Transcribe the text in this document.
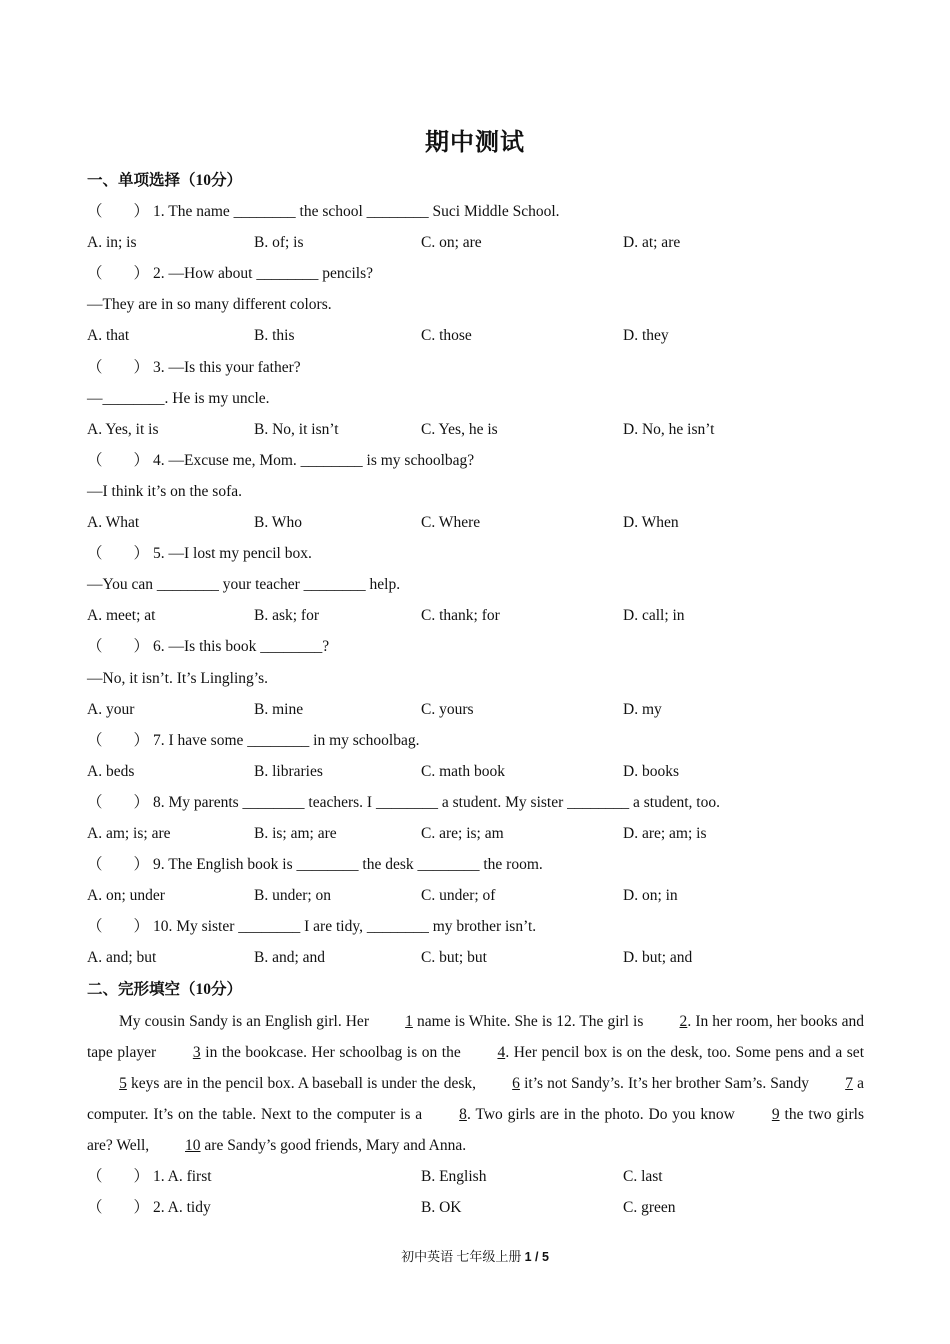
期中测试
一、单项选择（10分）
（　　） 1. The name ________ the school ________ Suci Middle School.
A. in; is	B. of; is	C. on; are	D. at; are
（　　） 2. —How about ________ pencils?
—They are in so many different colors.
A. that	B. this	C. those	D. they
（　　） 3. —Is this your father?
—________. He is my uncle.
A. Yes, it is	B. No, it isn’t	C. Yes, he is	D. No, he isn’t
（　　） 4. —Excuse me, Mom. ________ is my schoolbag?
—I think it’s on the sofa.
A. What	B. Who	C. Where	D. When
（　　） 5. —I lost my pencil box.
—You can ________ your teacher ________ help.
A. meet; at	B. ask; for	C. thank; for	D. call; in
（　　） 6. —Is this book ________?
—No, it isn’t. It’s Lingling’s.
A. your	B. mine	C. yours	D. my
（　　） 7. I have some ________ in my schoolbag.
A. beds	B. libraries	C. math book	D. books
（　　） 8. My parents ________ teachers. I ________ a student. My sister ________ a student, too.
A. am; is; are	B. is; am; are	C. are; is; am	D. are; am; is
（　　） 9. The English book is ________ the desk ________ the room.
A. on; under	B. under; on	C. under; of	D. on; in
（　　） 10. My sister ________ I are tidy, ________ my brother isn’t.
A. and; but	B. and; and	C. but; but	D. but; and
二、完形填空（10分）
My cousin Sandy is an English girl. Her 1 name is White. She is 12. The girl is 2. In her room, her books and tape player 3 in the bookcase. Her schoolbag is on the 4. Her pencil box is on the desk, too. Some pens and a set 5 keys are in the pencil box. A baseball is under the desk, 6 it’s not Sandy’s. It’s her brother Sam’s. Sandy 7 a computer. It’s on the table. Next to the computer is a 8. Two girls are in the photo. Do you know 9 the two girls are? Well, 10 are Sandy’s good friends, Mary and Anna.
（　　） 1. A. first	B. English	C. last
（　　） 2. A. tidy	B. OK	C. green
初中英语 七年级上册 1 / 5
